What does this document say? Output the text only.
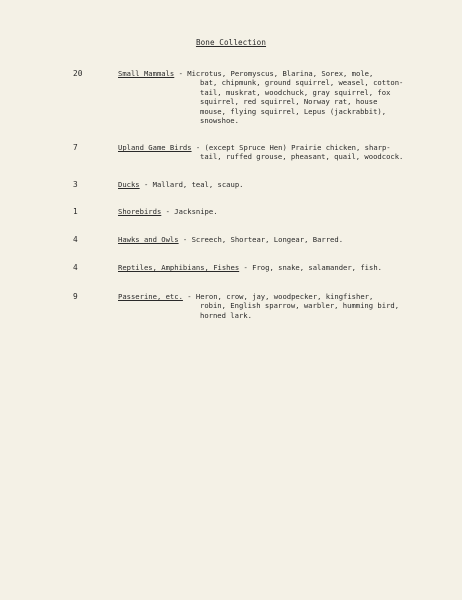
Bone Collection
20	Small Mammals - Microtus, Peromyscus, Blarina, Sorex, mole,
bat, chipmunk, ground squirrel, weasel, cotton-
tail, muskrat, woodchuck, gray squirrel, fox
squirrel, red squirrel, Norway rat, house
mouse, flying squirrel, Lepus (jackrabbit),
snowshoe.
7	Upland Game Birds - (except Spruce Hen) Prairie chicken, sharp-
tail, ruffed grouse, pheasant, quail, woodcock.
3	Ducks - Mallard, teal, scaup.
1	Shorebirds - Jacksnipe.
4	Hawks and Owls - Screech, Shortear, Longear, Barred.
4	Reptiles, Amphibians, Fishes - Frog, snake, salamander, fish.
9	Passerine, etc. - Heron, crow, jay, woodpecker, kingfisher,
robin, English sparrow, warbler, humming bird,
horned lark.
